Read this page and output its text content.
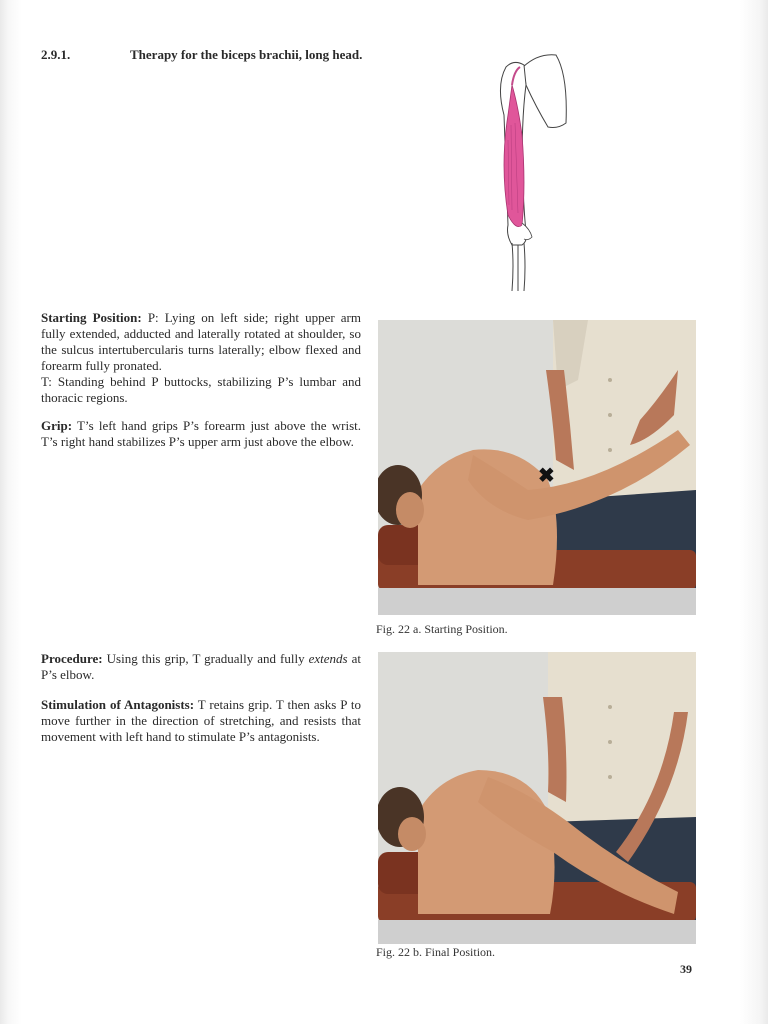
2.9.1.	Therapy for the biceps brachii, long head.

Starting Position: P: Lying on left side; right upper arm fully extended, adducted and laterally rotated at shoulder, so the sulcus intertubercularis turns laterally; elbow flexed and forearm fully pronated.

T: Standing behind P buttocks, stabilizing P’s lumbar and thoracic regions.

Grip: T’s left hand grips P’s forearm just above the wrist. T’s right hand stabilizes P’s upper arm just above the elbow.

Procedure: Using this grip, T gradually and fully extends at P’s elbow.

Stimulation of Antagonists: T retains grip. T then asks P to move further in the direction of stretching, and resists that movement with left hand to stimulate P’s antagonists.

✖
Fig. 22 a. Starting Position.
Fig. 22 b. Final Position.
39
